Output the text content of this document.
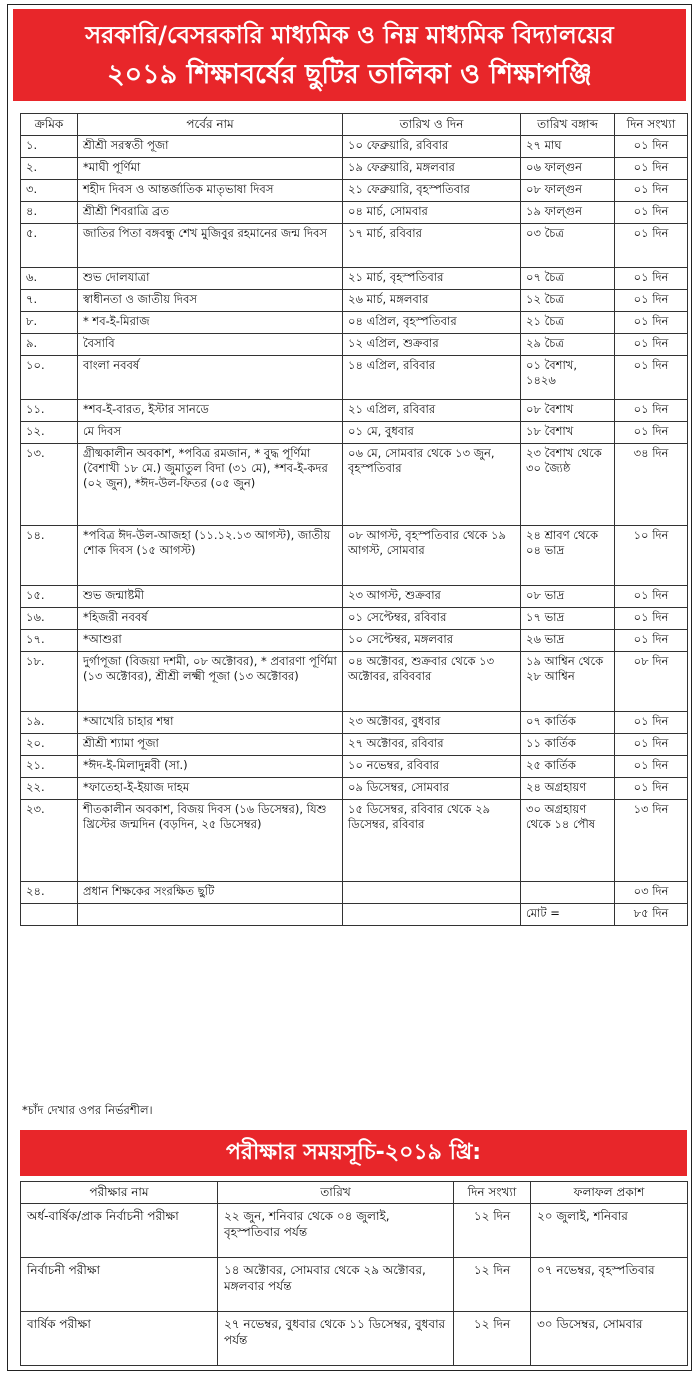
সরকারি/বেসরকারি মাধ্যমিক ও নিম্ন মাধ্যমিক বিদ্যালয়ের
২০১৯ শিক্ষাবর্ষের ছুটির তালিকা ও শিক্ষাপঞ্জি
ক্রমিক	পর্বের নাম	তারিখ ও দিন	তারিখ বঙ্গাব্দ	দিন সংখ্যা
১.	শ্রীশ্রী সরস্বতী পূজা	১০ ফেব্রুয়ারি, রবিবার	২৭ মাঘ	০১ দিন
২.	*মাঘী পূর্ণিমা	১৯ ফেব্রুয়ারি, মঙ্গলবার	০৬ ফাল্গুন	০১ দিন
৩.	শহীদ দিবস ও আন্তর্জাতিক মাতৃভাষা দিবস	২১ ফেব্রুয়ারি, বৃহস্পতিবার	০৮ ফাল্গুন	০১ দিন
৪.	শ্রীশ্রী শিবরাত্রি ব্রত	০৪ মার্চ, সোমবার	১৯ ফাল্গুন	০১ দিন
৫.	জাতির পিতা বঙ্গবন্ধু শেখ মুজিবুর রহমানের জন্ম দিবস	১৭ মার্চ, রবিবার	০৩ চৈত্র	০১ দিন
৬.	শুভ দোলযাত্রা	২১ মার্চ, বৃহস্পতিবার	০৭ চৈত্র	০১ দিন
৭.	স্বাধীনতা ও জাতীয় দিবস	২৬ মার্চ, মঙ্গলবার	১২ চৈত্র	০১ দিন
৮.	* শব-ই-মিরাজ	০৪ এপ্রিল, বৃহস্পতিবার	২১ চৈত্র	০১ দিন
৯.	বৈসাবি	১২ এপ্রিল, শুক্রবার	২৯ চৈত্র	০১ দিন
১০.	বাংলা নববর্ষ	১৪ এপ্রিল, রবিবার	০১ বৈশাখ, ১৪২৬	০১ দিন
১১.	*শব-ই-বারত, ইস্টার সানডে	২১ এপ্রিল, রবিবার	০৮ বৈশাখ	০১ দিন
১২.	মে দিবস	০১ মে, বুধবার	১৮ বৈশাখ	০১ দিন
১৩.	গ্রীষ্মকালীন অবকাশ, *পবিত্র রমজান, * বুদ্ধ পূর্ণিমা (বৈশাখী ১৮ মে.) জুমাতুল বিদা (৩১ মে), *শব-ই-কদর (০২ জুন), *ঈদ-উল-ফিতর (০৫ জুন)	০৬ মে, সোমবার থেকে ১৩ জুন, বৃহস্পতিবার	২৩ বৈশাখ থেকে ৩০ জ্যৈষ্ঠ	৩৪ দিন
১৪.	*পবিত্র ঈদ-উল-আজহা (১১.১২.১৩ আগস্ট), জাতীয় শোক দিবস (১৫ আগস্ট)	০৮ আগস্ট, বৃহস্পতিবার থেকে ১৯ আগস্ট, সোমবার	২৪ শ্রাবণ থেকে ০৪ ভাদ্র	১০ দিন
১৫.	শুভ জন্মাষ্টমী	২৩ আগস্ট, শুক্রবার	০৮ ভাদ্র	০১ দিন
১৬.	*হিজরী নববর্ষ	০১ সেপ্টেম্বর, রবিবার	১৭ ভাদ্র	০১ দিন
১৭.	*আশুরা	১০ সেপ্টেম্বর, মঙ্গলবার	২৬ ভাদ্র	০১ দিন
১৮.	দুর্গাপূজা (বিজয়া দশমী, ০৮ অক্টোবর), * প্রবারণা পূর্ণিমা (১৩ অক্টোবর), শ্রীশ্রী লক্ষ্মী পূজা (১৩ অক্টোবর)	০৪ অক্টোবর, শুক্রবার থেকে ১৩ অক্টোবর, রবিববার	১৯ আশ্বিন থেকে ২৮ আশ্বিন	০৮ দিন
১৯.	*আখেরি চাহার শম্বা	২৩ অক্টোবর, বুধবার	০৭ কার্তিক	০১ দিন
২০.	শ্রীশ্রী শ্যামা পূজা	২৭ অক্টোবর, রবিবার	১১ কার্তিক	০১ দিন
২১.	*ঈদ-ই-মিলাদুন্নবী (সা.)	১০ নভেম্বর, রবিবার	২৫ কার্তিক	০১ দিন
২২.	*ফাতেহা-ই-ইয়াজ দাহম	০৯ ডিসেম্বর, সোমবার	২৪ অগ্রহায়ণ	০১ দিন
২৩.	শীতকালীন অবকাশ, বিজয় দিবস (১৬ ডিসেম্বর), যিশু খ্রিস্টের জন্মদিন (বড়দিন, ২৫ ডিসেম্বর)	১৫ ডিসেম্বর, রবিবার থেকে ২৯ ডিসেম্বর, রবিবার	৩০ অগ্রহায়ণ থেকে ১৪ পৌষ	১৩ দিন
২৪.	প্রধান শিক্ষকের সংরক্ষিত ছুটি			০৩ দিন
			মোট =	৮৫ দিন
*চাঁদ দেখার ওপর নির্ভরশীল।
পরীক্ষার সময়সূচি-২০১৯ খ্রি:
পরীক্ষার নাম	তারিখ	দিন সংখ্যা	ফলাফল প্রকাশ
অর্ধ-বার্ষিক/প্রাক নির্বাচনী পরীক্ষা	২২ জুন, শনিবার থেকে ০৪ জুলাই, বৃহস্পতিবার পর্যন্ত	১২ দিন	২০ জুলাই, শনিবার
নির্বাচনী পরীক্ষা	১৪ অক্টোবর, সোমবার থেকে ২৯ অক্টোবর, মঙ্গলবার পর্যন্ত	১২ দিন	০৭ নভেম্বর, বৃহস্পতিবার
বার্ষিক পরীক্ষা	২৭ নভেম্বর, বুধবার থেকে ১১ ডিসেম্বর, বুধবার পর্যন্ত	১২ দিন	৩০ ডিসেম্বর, সোমবার
